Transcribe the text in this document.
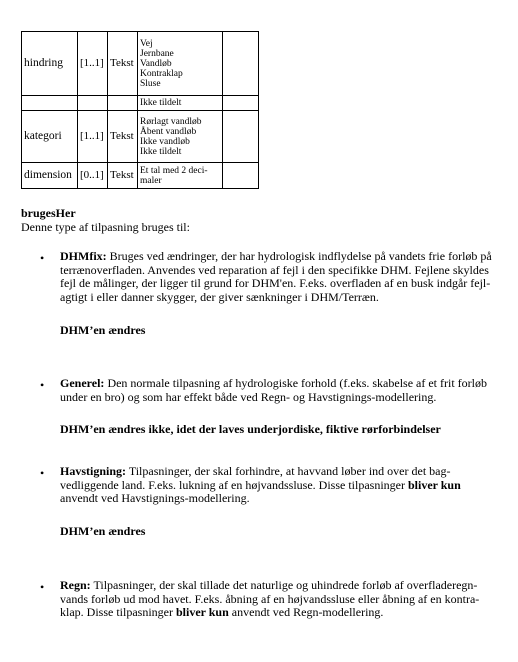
hindring	[1..1]	Tekst	Vej
Jernbane
Vandløb
Kontraklap
Sluse	

			Ikke tildelt	

kategori	[1..1]	Tekst	Rørlagt vandløb
Åbent vandløb
Ikke vandløb
Ikke tildelt	

dimension	[0..1]	Tekst	Et tal med 2 deci-
maler	

brugesHer
Denne type af tilpasning bruges til:
• DHMfix: Bruges ved ændringer, der har hydrologisk indflydelse på vandets frie forløb på
terrænoverfladen. Anvendes ved reparation af fejl i den specifikke DHM. Fejlene skyldes
fejl de målinger, der ligger til grund for DHM'en. F.eks. overfladen af en busk indgår fejl-
agtigt i eller danner skygger, der giver sænkninger i DHM/Terræn.
DHM’en ændres
• Generel: Den normale tilpasning af hydrologiske forhold (f.eks. skabelse af et frit forløb
under en bro) og som har effekt både ved Regn- og Havstignings-modellering.
DHM’en ændres ikke, idet der laves underjordiske, fiktive rørforbindelser
• Havstigning: Tilpasninger, der skal forhindre, at havvand løber ind over det bag-
vedliggende land. F.eks. lukning af en højvandssluse. Disse tilpasninger bliver kun
anvendt ved Havstignings-modellering.
DHM’en ændres
• Regn: Tilpasninger, der skal tillade det naturlige og uhindrede forløb af overfladeregn-
vands forløb ud mod havet. F.eks. åbning af en højvandssluse eller åbning af en kontra-
klap. Disse tilpasninger bliver kun anvendt ved Regn-modellering.
